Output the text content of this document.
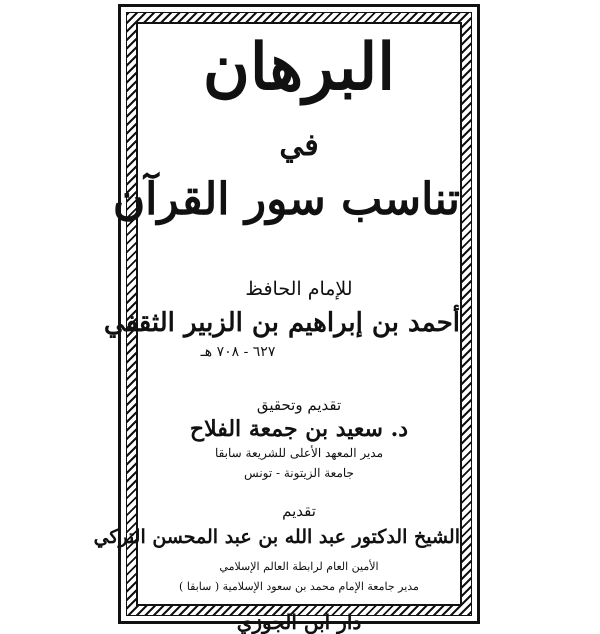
البرهان
في
تناسب سور القرآن
للإمام الحافظ
أحمد بن إبراهيم بن الزبير الثقفي
٦٢٧ - ٧٠٨ هـ
تقديم وتحقيق
د. سعيد بن جمعة الفلاح
مدير المعهد الأعلى للشريعة سابقا
جامعة الزيتونة - تونس
تقديم
الشيخ الدكتور عبد الله بن عبد المحسن التركي
الأمين العام لرابطة العالم الإسلامي
مدير جامعة الإمام محمد بن سعود الإسلامية ( سابقا )
دار ابن الجوزي
